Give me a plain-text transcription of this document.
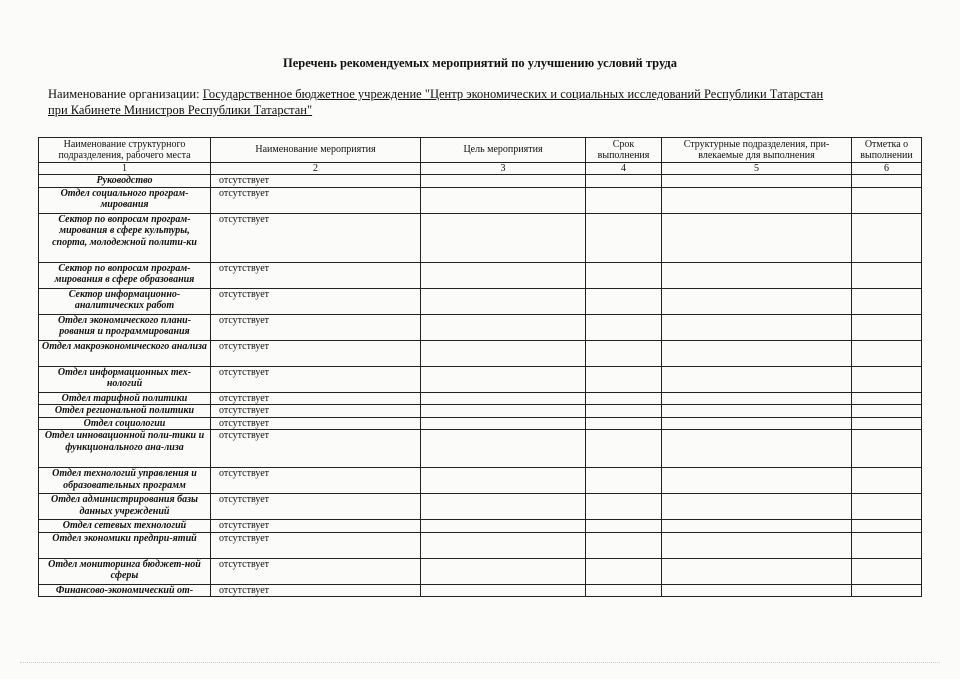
Перечень рекомендуемых мероприятий по улучшению условий труда
Наименование организации: Государственное бюджетное учреждение "Центр экономических и социальных исследований Республики Татарстан
при Кабинете Министров Республики Татарстан"
Наименование структурного подразделения, рабочего места	Наименование мероприятия	Цель мероприятия	Срок выполнения	Структурные подразделения, при-влекаемые для выполнения	Отметка о выполнении
1	2	3	4	5	6
Руководство	отсутствует				
Отдел социального програм-мирования	отсутствует				
Сектор по вопросам програм-мирования в сфере культуры, спорта, молодежной полити-ки	отсутствует				
Сектор по вопросам програм-мирования в сфере образования	отсутствует				
Сектор информационно-аналитических работ	отсутствует				
Отдел экономического плани-рования и программирования	отсутствует				
Отдел макроэкономического анализа	отсутствует				
Отдел информационных тех-нологий	отсутствует				
Отдел тарифной политики	отсутствует				
Отдел региональной политики	отсутствует				
Отдел социологии	отсутствует				
Отдел инновационной поли-тики и функционального ана-лиза	отсутствует				
Отдел технологий управления и образовательных программ	отсутствует				
Отдел администрирования базы данных учреждений	отсутствует				
Отдел сетевых технологий	отсутствует				
Отдел экономики предпри-ятий	отсутствует				
Отдел мониторинга бюджет-ной сферы	отсутствует				
Финансово-экономический от-	отсутствует				
